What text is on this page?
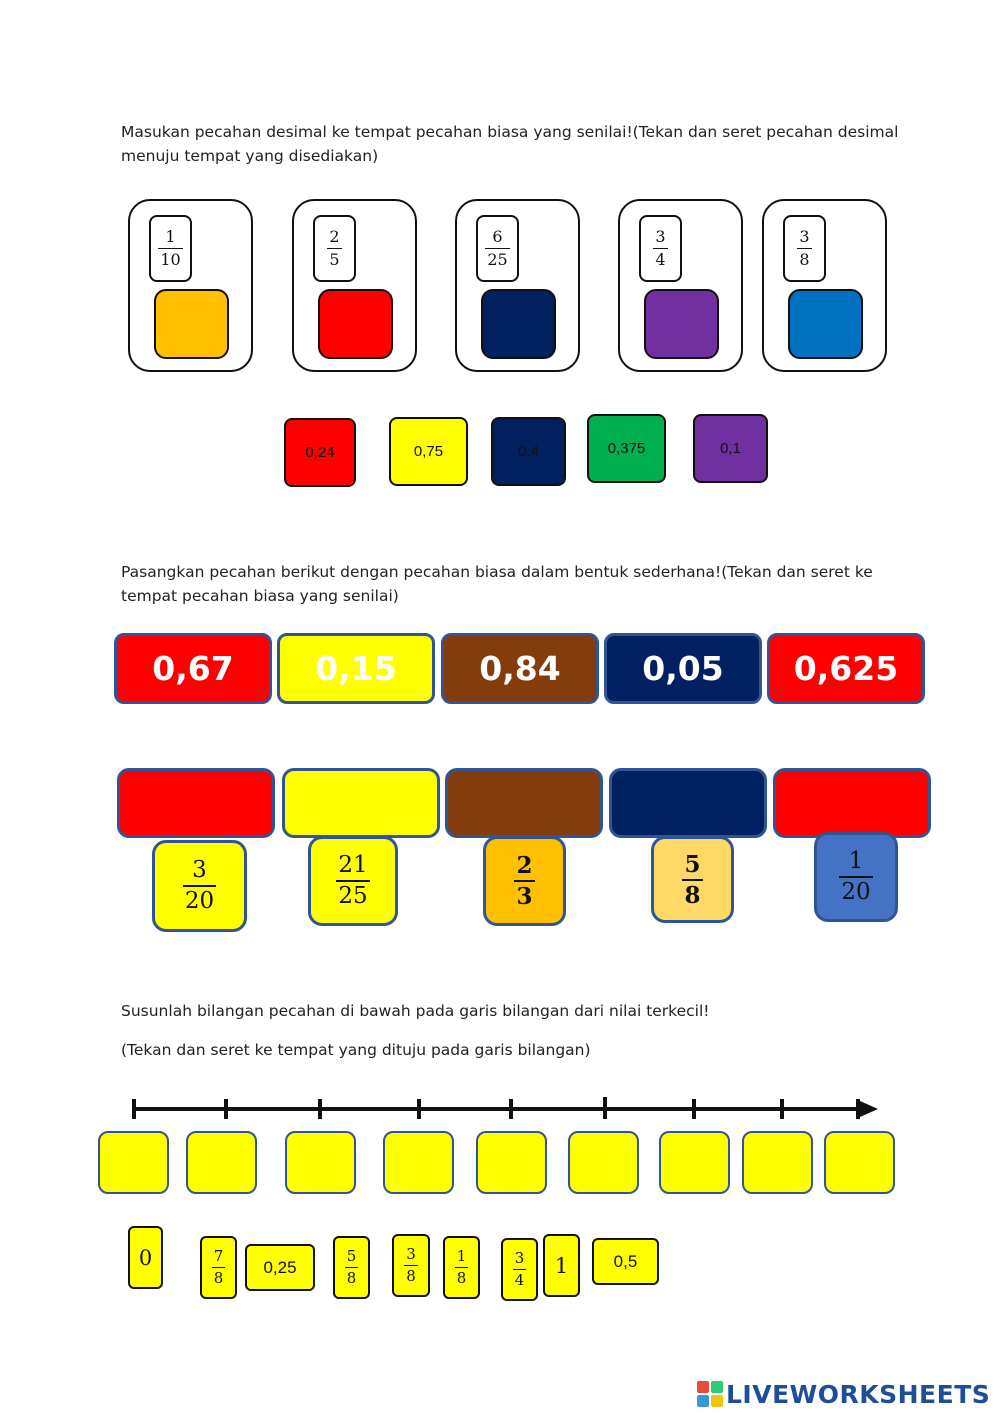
Masukan pecahan desimal ke tempat pecahan biasa yang senilai!(Tekan dan seret pecahan desimal menuju tempat yang disediakan)
$\frac{1}{10}$	$\frac{2}{5}$	$\frac{6}{25}$	$\frac{3}{4}$	$\frac{3}{8}$
0,24	0,75	0,4	0,375	0,1
Pasangkan pecahan berikut dengan pecahan biasa dalam bentuk sederhana!(Tekan dan seret ke tempat pecahan biasa yang senilai)
0,67	0,15	0,84	0,05	0,625
$\frac{3}{20}$	$\frac{21}{25}$	$\frac{2}{3}$	$\frac{5}{8}$	$\frac{1}{20}$
Susunlah bilangan pecahan di bawah pada garis bilangan dari nilai terkecil!
(Tekan dan seret ke tempat yang dituju pada garis bilangan)
0	$\frac{7}{8}$	0,25	$\frac{5}{8}$	$\frac{3}{8} \frac{1}{8}$	$\frac{3}{4}$	1	0,5
LIVEWORKSHEETS
